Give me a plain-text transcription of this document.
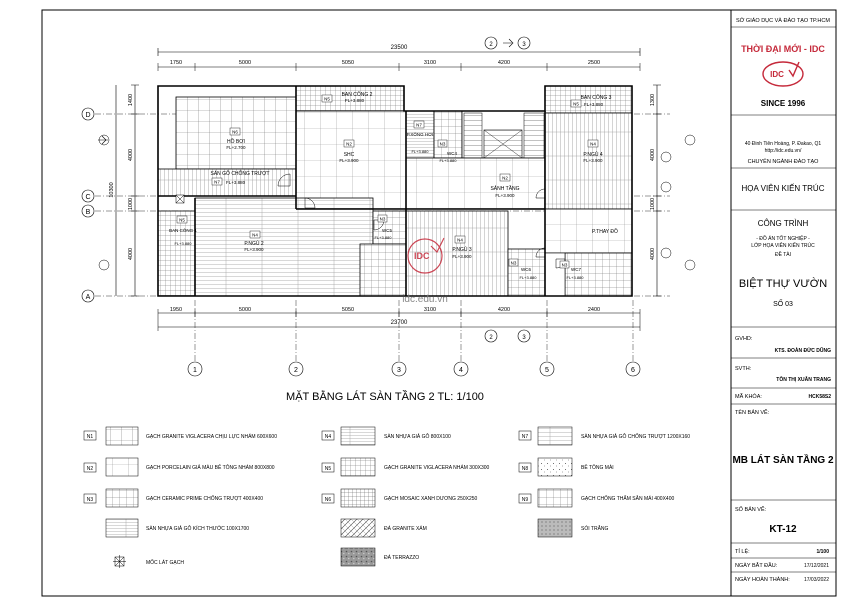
23500
1750	5000	5050	3100	4200	2500
2	3
2	3
10300
1400
4000
1000
4000
1300
4000
1000
4000
D
C
B
A
1	2	3	4	5	6
1950	5000	5050	3100	4200	2400
23700
IDC
idc.edu.vn
N5
BAN CÔNG 2
FL+3.880
N6
HỒ BƠI
FL+2.700
SÀN GỖ CHỐNG TRƯỢT
N7 FL+3.880
N2
SHC
FL+3.900
N7
P.XÔNG HƠI
FL+3.880
N3
WC4
FL+3.880
N5
BAN CÔNG 3
FL+3.880
N4
P.NGỦ 4
FL+3.900
N2
SẢNH TẦNG
FL+3.900
N5
BAN CÔNG 1
FL+3.880
N4
P.NGỦ 2
FL+3.900
N3
WC5
FL+3.880	N4
P.NGỦ 3
FL+3.900
N3
WC6
FL+3.880
N3
WC7
FL+3.880
P.THAY ĐỒ
MẶT BẰNG LÁT SÀN TẦNG 2 TL: 1/100
N1	GẠCH GRANITE VIGLACERA CHỊU LỰC NHÁM 600X600
N2	GẠCH PORCELAIN GIẢ MÀU BÊ TÔNG NHÁM 800X800
N3	GẠCH CERAMIC PRIME CHỐNG TRƯỢT 400X400
SÀN NHỰA GIẢ GỖ KÍCH THƯỚC 100X1700
MỐC LÁT GẠCH
N4	SÀN NHỰA GIẢ GỖ 800X100
N5	GẠCH GRANITE VIGLACERA NHÁM 300X300
N6	GẠCH MOSAIC XANH DƯƠNG 250X250
ĐÁ GRANITE XÁM
ĐÁ TERRAZZO
N7	SÀN NHỰA GIẢ GỖ CHỐNG TRƯỢT 1200X160
N8	BÊ TÔNG MÀI
N9	GẠCH CHỐNG THẤM SÂN MÁI 400X400
SỎI TRẮNG
SỞ GIÁO DỤC VÀ ĐÀO TẠO TP.HCM
THỜI ĐẠI MỚI - IDC
IDC
SINCE 1996
40 Đinh Tiên Hoàng, P. Đakao, Q1
http://idc.edu.vn/
CHUYÊN NGÀNH ĐÀO TẠO
HỌA VIÊN KIẾN TRÚC
CÔNG TRÌNH
- ĐỒ ÁN TỐT NGHIỆP -
LỚP HỌA VIÊN KIẾN TRÚC
ĐỀ TÀI
BIỆT THỰ VƯỜN
SỐ 03
GVHD:
KTS. ĐOÀN ĐỨC DŨNG
SVTH:
TÔN THỊ XUÂN TRANG
MÃ KHÓA:	HCK58S2
TÊN BẢN VẼ:
MB LÁT SÀN TẦNG 2
SỐ BẢN VẼ:
KT-12
TỈ LỆ:	1/100
NGÀY BẮT ĐẦU:	17/12/2021
NGÀY HOÀN THÀNH:	17/03/2022
